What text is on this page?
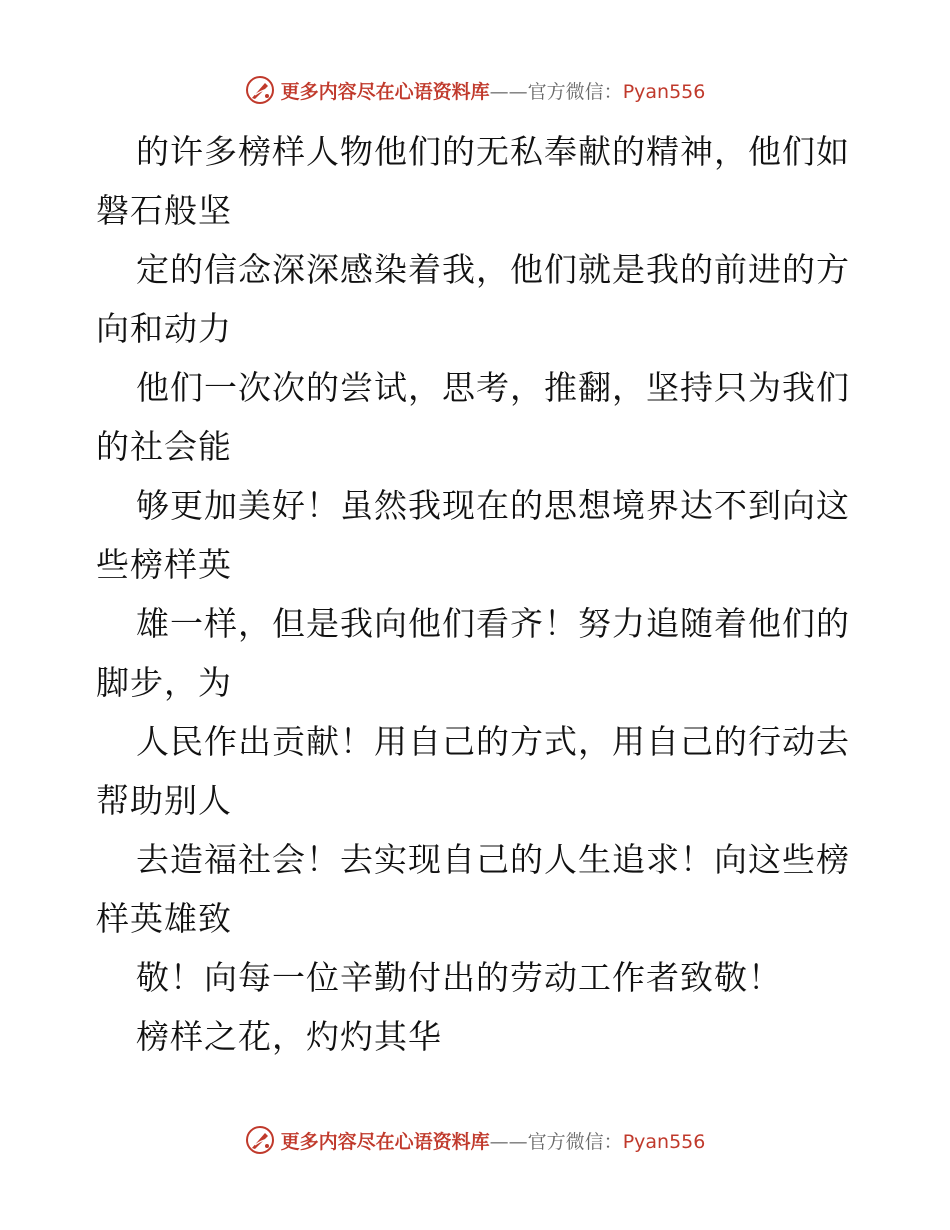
更多内容尽在心语资料库——官方微信：Pyan556

的许多榜样人物他们的无私奉献的精神，他们如磐石般坚

定的信念深深感染着我，他们就是我的前进的方向和动力

他们一次次的尝试，思考，推翻，坚持只为我们的社会能

够更加美好！虽然我现在的思想境界达不到向这些榜样英

雄一样，但是我向他们看齐！努力追随着他们的脚步，为

人民作出贡献！用自己的方式，用自己的行动去帮助别人

去造福社会！去实现自己的人生追求！向这些榜样英雄致

敬！向每一位辛勤付出的劳动工作者致敬！

榜样之花，灼灼其华

更多内容尽在心语资料库——官方微信：Pyan556
